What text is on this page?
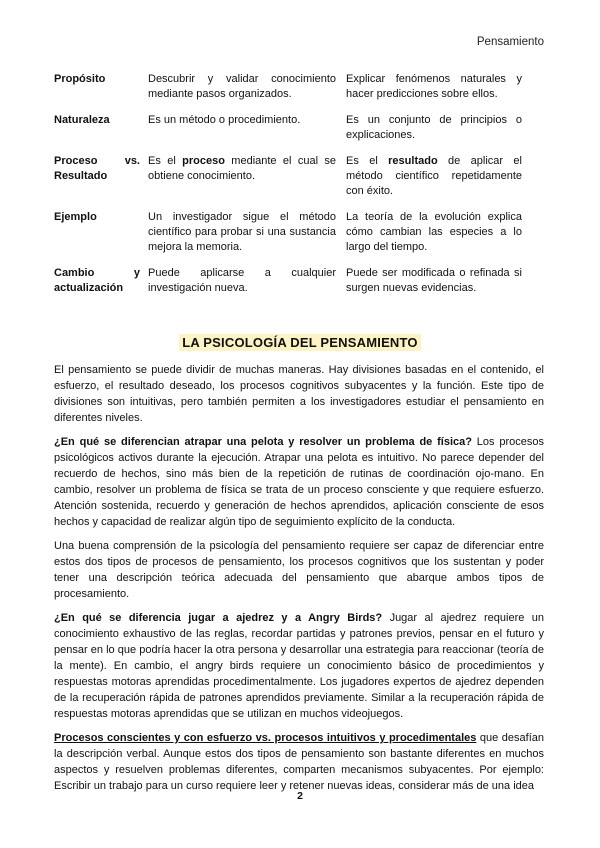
Pensamiento
Propósito	Descubrir y validar conocimiento mediante pasos organizados.	Explicar fenómenos naturales y hacer predicciones sobre ellos.
Naturaleza	Es un método o procedimiento.	Es un conjunto de principios o explicaciones.
Proceso vs. Resultado	Es el proceso mediante el cual se obtiene conocimiento.	Es el resultado de aplicar el método científico repetidamente con éxito.
Ejemplo	Un investigador sigue el método científico para probar si una sustancia mejora la memoria.	La teoría de la evolución explica cómo cambian las especies a lo largo del tiempo.
Cambio y actualización	Puede aplicarse a cualquier investigación nueva.	Puede ser modificada o refinada si surgen nuevas evidencias.
LA PSICOLOGÍA DEL PENSAMIENTO

El pensamiento se puede dividir de muchas maneras. Hay divisiones basadas en el contenido, el esfuerzo, el resultado deseado, los procesos cognitivos subyacentes y la función. Este tipo de divisiones son intuitivas, pero también permiten a los investigadores estudiar el pensamiento en diferentes niveles.

¿En qué se diferencian atrapar una pelota y resolver un problema de física? Los procesos psicológicos activos durante la ejecución. Atrapar una pelota es intuitivo. No parece depender del recuerdo de hechos, sino más bien de la repetición de rutinas de coordinación ojo-mano. En cambio, resolver un problema de física se trata de un proceso consciente y que requiere esfuerzo. Atención sostenida, recuerdo y generación de hechos aprendidos, aplicación consciente de esos hechos y capacidad de realizar algún tipo de seguimiento explícito de la conducta.

Una buena comprensión de la psicología del pensamiento requiere ser capaz de diferenciar entre estos dos tipos de procesos de pensamiento, los procesos cognitivos que los sustentan y poder tener una descripción teórica adecuada del pensamiento que abarque ambos tipos de procesamiento.

¿En qué se diferencia jugar a ajedrez y a Angry Birds? Jugar al ajedrez requiere un conocimiento exhaustivo de las reglas, recordar partidas y patrones previos, pensar en el futuro y pensar en lo que podría hacer la otra persona y desarrollar una estrategia para reaccionar (teoría de la mente). En cambio, el angry birds requiere un conocimiento básico de procedimientos y respuestas motoras aprendidas procedimentalmente. Los jugadores expertos de ajedrez dependen de la recuperación rápida de patrones aprendidos previamente. Similar a la recuperación rápida de respuestas motoras aprendidas que se utilizan en muchos videojuegos.

Procesos conscientes y con esfuerzo vs. procesos intuitivos y procedimentales que desafían la descripción verbal. Aunque estos dos tipos de pensamiento son bastante diferentes en muchos aspectos y resuelven problemas diferentes, comparten mecanismos subyacentes. Por ejemplo: Escribir un trabajo para un curso requiere leer y retener nuevas ideas, considerar más de una idea

2
